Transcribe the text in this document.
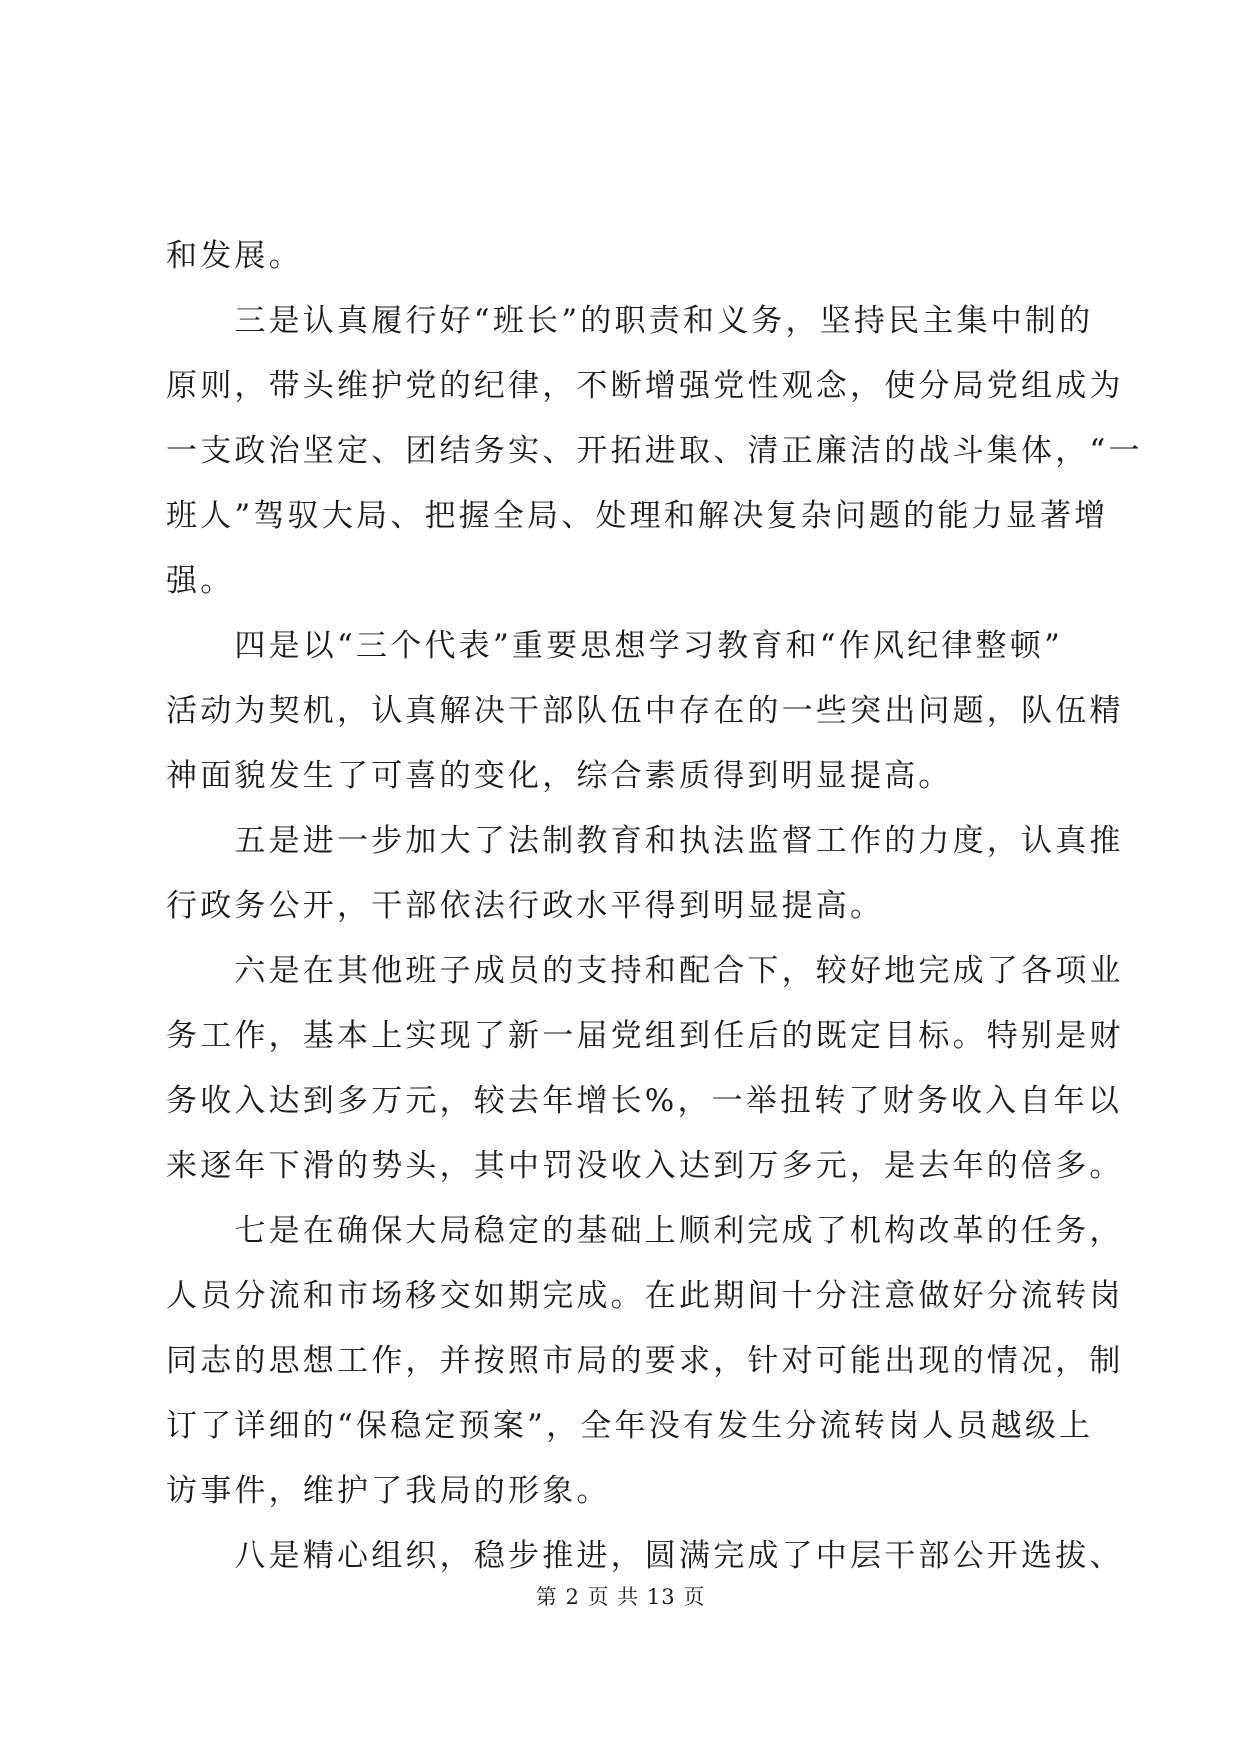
和发展。
　　三是认真履行好“班长”的职责和义务，坚持民主集中制的
原则，带头维护党的纪律，不断增强党性观念，使分局党组成为
一支政治坚定、团结务实、开拓进取、清正廉洁的战斗集体，“一
班人”驾驭大局、把握全局、处理和解决复杂问题的能力显著增
强。
　　四是以“三个代表”重要思想学习教育和“作风纪律整顿”
活动为契机，认真解决干部队伍中存在的一些突出问题，队伍精
神面貌发生了可喜的变化，综合素质得到明显提高。
　　五是进一步加大了法制教育和执法监督工作的力度，认真推
行政务公开，干部依法行政水平得到明显提高。
　　六是在其他班子成员的支持和配合下，较好地完成了各项业
务工作，基本上实现了新一届党组到任后的既定目标。特别是财
务收入达到多万元，较去年增长%，一举扭转了财务收入自年以
来逐年下滑的势头，其中罚没收入达到万多元，是去年的倍多。
　　七是在确保大局稳定的基础上顺利完成了机构改革的任务，
人员分流和市场移交如期完成。在此期间十分注意做好分流转岗
同志的思想工作，并按照市局的要求，针对可能出现的情况，制
订了详细的“保稳定预案”，全年没有发生分流转岗人员越级上
访事件，维护了我局的形象。
　　八是精心组织，稳步推进，圆满完成了中层干部公开选拔、
第 2 页 共 13 页
